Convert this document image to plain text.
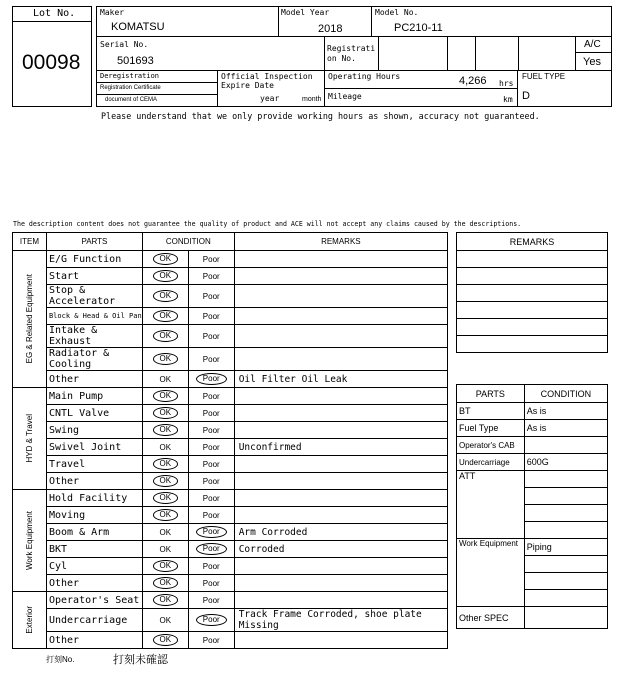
Lot No.
00098
Maker
KOMATSU
Model Year
2018
Model No.
PC210-11
Serial No.
501693
Registrati
on No.
A/C
Yes
Deregistration
Registration Certificate
document of CEMA
Official Inspection
Expire Date
year	month
Operating Hours	4,266 hrs
Mileage	km
FUEL TYPE
D
Please understand that we only provide working hours as shown, accuracy not guaranteed.
The description content does not guarantee the quality of product and ACE will not accept any claims caused by the descriptions.
ITEM	PARTS	CONDITION		REMARKS

EG & Related Equipment	E/G Function	OK	Poor	
	Start	OK	Poor	
	Stop & Accelerator	OK	Poor	
	Block & Head & Oil Pan	OK	Poor	
	Intake & Exhaust	OK	Poor	
	Radiator & Cooling	OK	Poor	
	Other	OK	Poor	Oil Filter Oil Leak

HYD & Travel	Main Pump	OK	Poor	
	CNTL Valve	OK	Poor	
	Swing	OK	Poor	
	Swivel Joint	OK	Poor	Unconfirmed
	Travel	OK	Poor	
	Other	OK	Poor	

Work Equipment	Hold Facility	OK	Poor	
	Moving	OK	Poor	
	Boom & Arm	OK	Poor	Arm Corroded
	BKT	OK	Poor	Corroded
	Cyl	OK	Poor	
	Other	OK	Poor	

Exterior	Operator's Seat	OK	Poor	
	Undercarriage	OK	Poor	Track Frame Corroded, shoe plate Missing
	Other	OK	Poor	
REMARKS

PARTS	CONDITION
BT	As is
Fuel Type	As is
Operator's CAB	
Undercarriage	600G
ATT	

Work Equipment	Piping

Other SPEC	
打刻No.	打刻未確認
